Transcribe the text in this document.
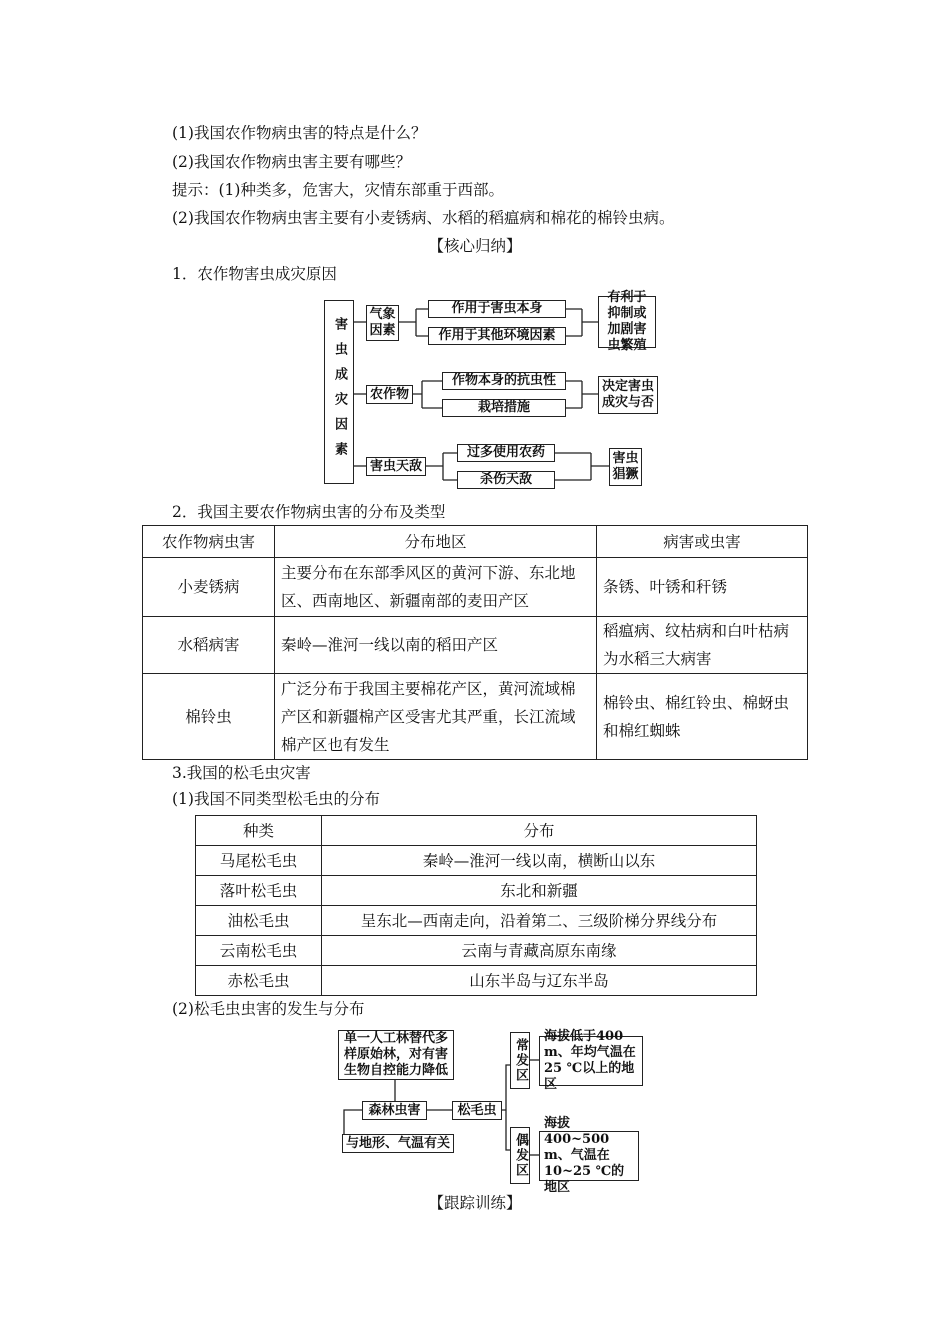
(1)我国农作物病虫害的特点是什么？
(2)我国农作物病虫害主要有哪些？
提示：(1)种类多，危害大，灾情东部重于西部。
(2)我国农作物病虫害主要有小麦锈病、水稻的稻瘟病和棉花的棉铃虫病。
【核心归纳】
1．农作物害虫成灾原因
害虫成灾因素
气象因素
作用于害虫本身
作用于其他环境因素
有利于抑制或加剧害虫繁殖
农作物
作物本身的抗虫性
栽培措施
决定害虫成灾与否
害虫天敌
过多使用农药
杀伤天敌
害虫猖獗
2．我国主要农作物病虫害的分布及类型
农作物病虫害	分布地区	病害或虫害
小麦锈病	主要分布在东部季风区的黄河下游、东北地区、西南地区、新疆南部的麦田产区	条锈、叶锈和秆锈
水稻病害	秦岭—淮河一线以南的稻田产区	稻瘟病、纹枯病和白叶枯病为水稻三大病害
棉铃虫	广泛分布于我国主要棉花产区，黄河流域棉产区和新疆棉产区受害尤其严重，长江流域棉产区也有发生	棉铃虫、棉红铃虫、棉蚜虫和棉红蜘蛛
3.我国的松毛虫灾害
(1)我国不同类型松毛虫的分布
种类	分布
马尾松毛虫	秦岭—淮河一线以南，横断山以东
落叶松毛虫	东北和新疆
油松毛虫	呈东北—西南走向，沿着第二、三级阶梯分界线分布
云南松毛虫	云南与青藏高原东南缘
赤松毛虫	山东半岛与辽东半岛
(2)松毛虫虫害的发生与分布
单一人工林替代多样原始林，对有害生物自控能力降低
森林虫害	松毛虫
与地形、气温有关
常发区
海拔低于400 m、年均气温在25 ℃以上的地区
偶发区
海拔400~500 m、气温在10~25 ℃的地区
【跟踪训练】
